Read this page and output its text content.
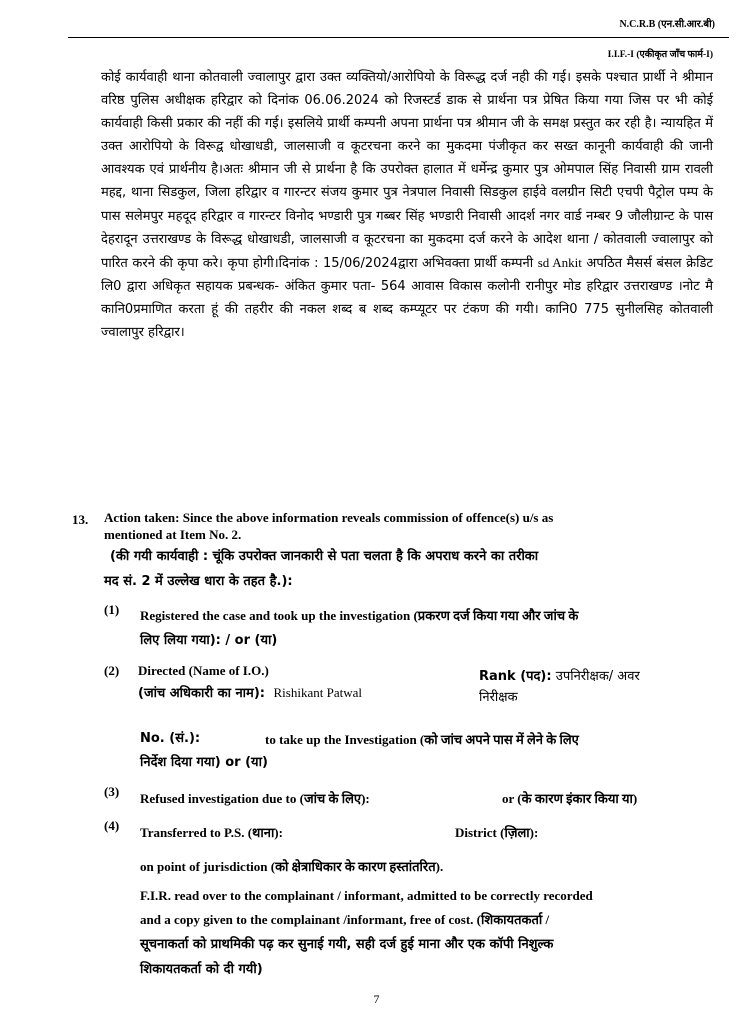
N.C.R.B (एन.सी.आर.बी)
I.I.F.-I (एकीकृत जाँच फार्म-I)
कोई कार्यवाही थाना कोतवाली ज्वालापुर द्वारा उक्त व्यक्तियो/आरोपियो के विरूद्ध दर्ज नही की गई। इसके पश्चात प्रार्थी ने श्रीमान वरिष्ठ पुलिस अधीक्षक हरिद्वार को दिनांक 06.06.2024 को रिजस्टर्ड डाक से प्रार्थना पत्र प्रेषित किया गया जिस पर भी कोई कार्यवाही किसी प्रकार की नहीं की गई। इसलिये प्रार्थी कम्पनी अपना प्रार्थना पत्र श्रीमान जी के समक्ष प्रस्तुत कर रही है। न्यायहित में उक्त आरोपियो के विरूद्व धोखाधडी, जालसाजी व कूटरचना करने का मुकदमा पंजीकृत कर सख्त कानूनी कार्यवाही की जानी आवश्यक एवं प्रार्थनीय है।अतः श्रीमान जी से प्रार्थना है कि उपरोक्त हालात में धर्मेन्द्र कुमार पुत्र ओमपाल सिंह निवासी ग्राम रावली महद्द, थाना सिडकुल, जिला हरिद्वार व गारन्टर संजय कुमार पुत्र नेत्रपाल निवासी सिडकुल हाईवे वलग्रीन सिटी एचपी पैट्रोल पम्प के पास सलेमपुर महदूद हरिद्वार व गारन्टर विनोद भण्डारी पुत्र गब्बर सिंह भण्डारी निवासी आदर्श नगर वार्ड नम्बर 9 जौलीग्रान्ट के पास देहरादून उत्तराखण्ड के विरूद्ध धोखाधडी, जालसाजी व कूटरचना का मुकदमा दर्ज करने के आदेश थाना / कोतवाली ज्वालापुर को पारित करने की कृपा करे। कृपा होगी।दिनांक : 15/06/2024द्वारा अभिवक्ता प्रार्थी कम्पनी sd Ankit अपठित मैसर्स बंसल क्रेडिट लि0 द्वारा अधिकृत सहायक प्रबन्धक- अंकित कुमार पता- 564 आवास विकास कलोनी रानीपुर मोड हरिद्वार उत्तराखण्ड ।नोट मै कानि0प्रमाणित करता हूं की तहरीर की नकल शब्द ब शब्द कम्प्यूटर पर टंकण की गयी। कानि0 775 सुनीलसिह कोतवाली ज्वालापुर हरिद्वार।
13. Action taken: Since the above information reveals commission of offence(s) u/s as
mentioned at Item No. 2.
(की गयी कार्यवाही : चूंकि उपरोक्त जानकारी से पता चलता है कि अपराध करने का तरीका
मद सं. 2 में उल्लेख धारा के तहत है.):
(1) Registered the case and took up the investigation (प्रकरण दर्ज किया गया और जांच के
लिए लिया गया): / or (या)
(2) Directed (Name of I.O.)
(जांच अधिकारी का नाम): Rishikant Patwal
Rank (पद): उपनिरीक्षक/ अवर
निरीक्षक
No. (सं.):	to take up the Investigation (को जांच अपने पास में लेने के लिए
निर्देश दिया गया) or (या)
(3) Refused investigation due to (जांच के लिए):	or (के कारण इंकार किया या)
(4) Transferred to P.S. (थाना):	District (ज़िला):
on point of jurisdiction (को क्षेत्राधिकार के कारण हस्तांतरित).
F.I.R. read over to the complainant / informant, admitted to be correctly recorded
and a copy given to the complainant /informant, free of cost. (शिकायतकर्ता /
सूचनाकर्ता को प्राथमिकी पढ़ कर सुनाई गयी, सही दर्ज हुई माना और एक कॉपी निशुल्क
शिकायतकर्ता को दी गयी)
7
